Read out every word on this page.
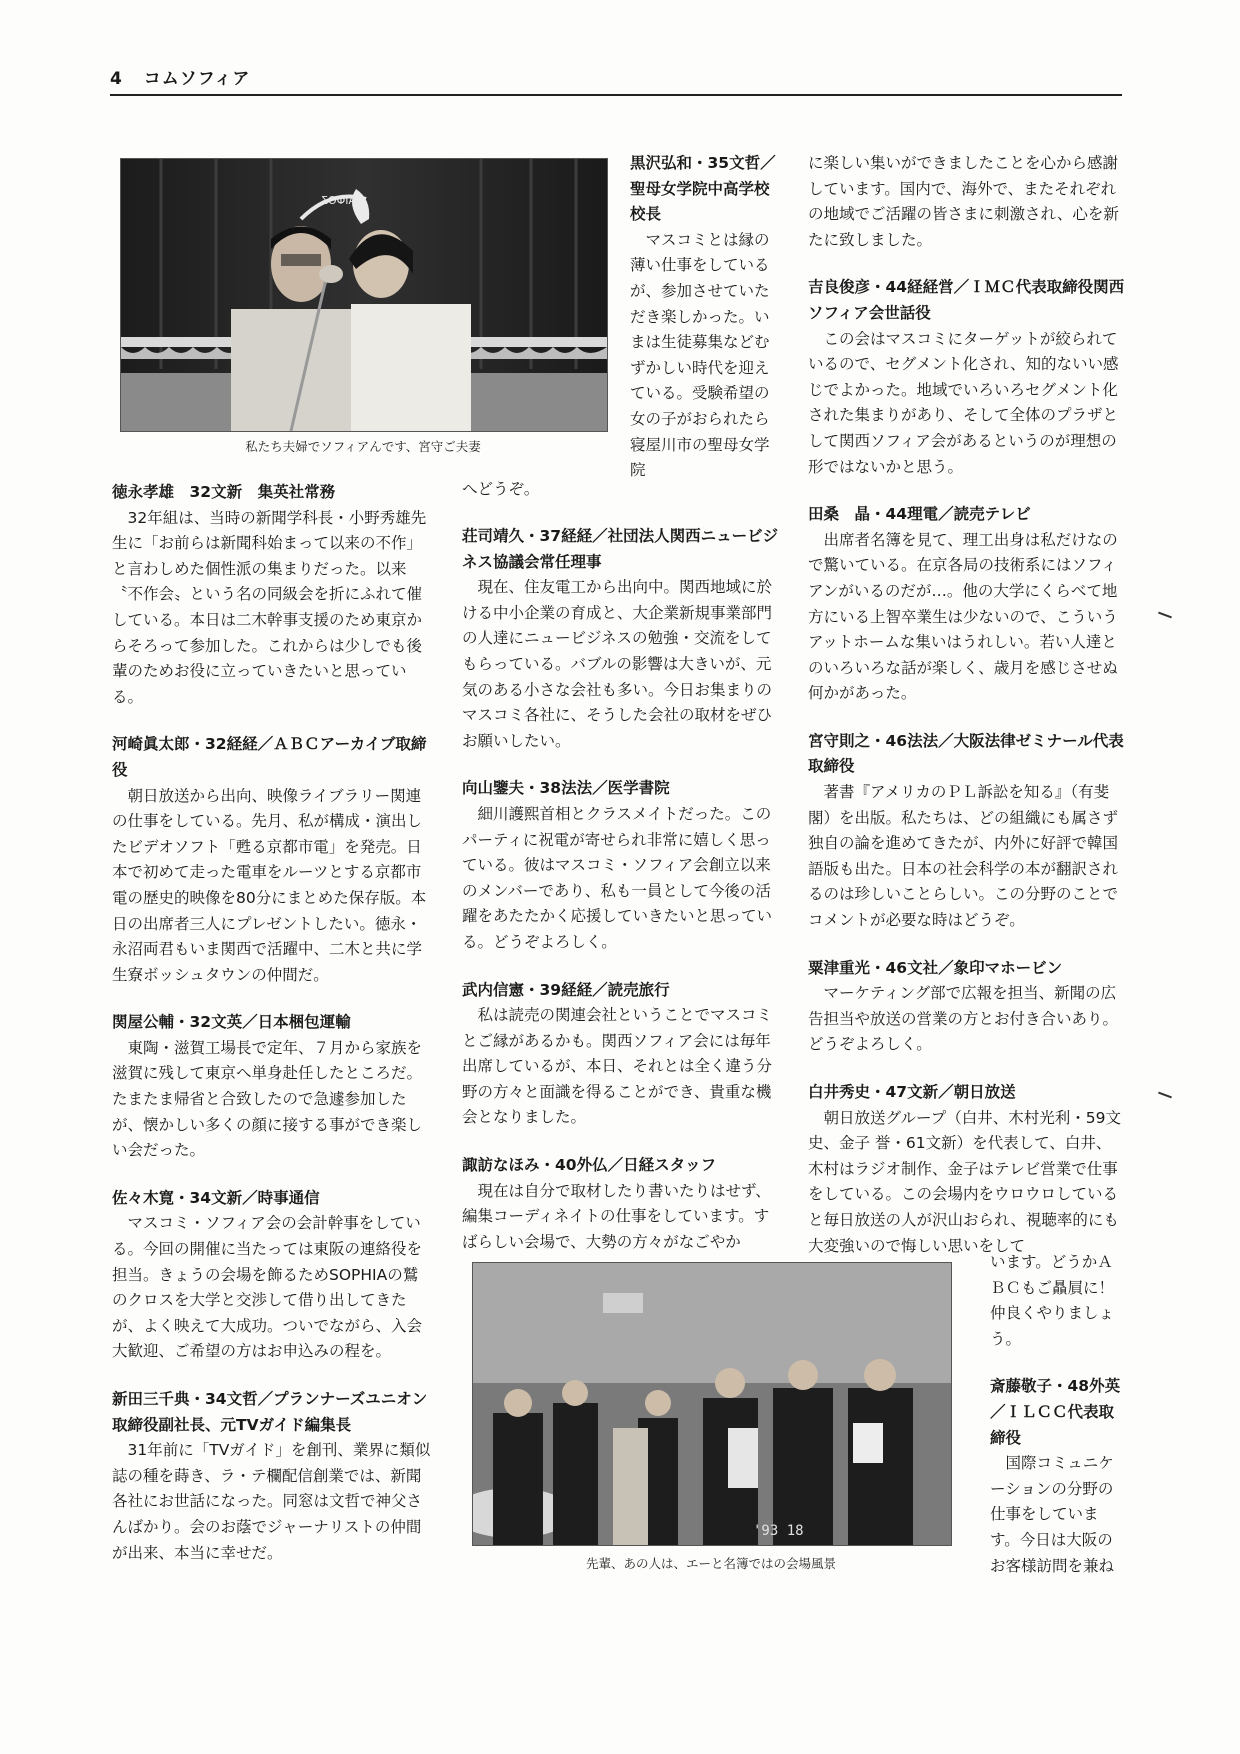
4 コムソフィア
ΣΟΦΙΑ
私たち夫婦でソフィアんです、宮守ご夫妻
徳永孝雄　32文新　集英社常務
32年組は、当時の新聞学科長・小野秀雄先生に「お前らは新聞科始まって以来の不作」と言わしめた個性派の集まりだった。以来〝不作会〟という名の同級会を折にふれて催している。本日は二木幹事支援のため東京からそろって参加した。これからは少しでも後輩のためお役に立っていきたいと思っている。
河崎眞太郎・32経経／ＡＢＣアーカイブ取締役
朝日放送から出向、映像ライブラリー関連の仕事をしている。先月、私が構成・演出したビデオソフト「甦る京都市電」を発売。日本で初めて走った電車をルーツとする京都市電の歴史的映像を80分にまとめた保存版。本日の出席者三人にプレゼントしたい。徳永・永沼両君もいま関西で活躍中、二木と共に学生寮ボッシュタウンの仲間だ。
関屋公輔・32文英／日本梱包運輸
東陶・滋賀工場長で定年、７月から家族を滋賀に残して東京へ単身赴任したところだ。たまたま帰省と合致したので急遽参加したが、懐かしい多くの顔に接する事ができ楽しい会だった。
佐々木寛・34文新／時事通信
マスコミ・ソフィア会の会計幹事をしている。今回の開催に当たっては東阪の連絡役を担当。きょうの会場を飾るためSOPHIAの鷲のクロスを大学と交渉して借り出してきたが、よく映えて大成功。ついでながら、入会大歓迎、ご希望の方はお申込みの程を。
新田三千典・34文哲／プランナーズユニオン取締役副社長、元TVガイド編集長
31年前に「TVガイド」を創刊、業界に類似誌の種を蒔き、ラ・テ欄配信創業では、新聞各社にお世話になった。同窓は文哲で神父さんばかり。会のお蔭でジャーナリストの仲間が出来、本当に幸せだ。
黒沢弘和・35文哲／聖母女学院中高学校 校長
マスコミとは縁の薄い仕事をしているが、参加させていただき楽しかった。いまは生徒募集などむずかしい時代を迎えている。受験希望の女の子がおられたら寝屋川市の聖母女学院
へどうぞ。
荘司靖久・37経経／社団法人関西ニュービジネス協議会常任理事
現在、住友電工から出向中。関西地域に於ける中小企業の育成と、大企業新規事業部門の人達にニュービジネスの勉強・交流をしてもらっている。バブルの影響は大きいが、元気のある小さな会社も多い。今日お集まりのマスコミ各社に、そうした会社の取材をぜひお願いしたい。
向山鑒夫・38法法／医学書院
細川護熙首相とクラスメイトだった。このパーティに祝電が寄せられ非常に嬉しく思っている。彼はマスコミ・ソフィア会創立以来のメンバーであり、私も一員として今後の活躍をあたたかく応援していきたいと思っている。どうぞよろしく。
武内信憲・39経経／読売旅行
私は読売の関連会社ということでマスコミとご縁があるかも。関西ソフィア会には毎年出席しているが、本日、それとは全く違う分野の方々と面識を得ることができ、貴重な機会となりました。
諏訪なほみ・40外仏／日経スタッフ
現在は自分で取材したり書いたりはせず、編集コーディネイトの仕事をしています。すばらしい会場で、大勢の方々がなごやか
に楽しい集いができましたことを心から感謝しています。国内で、海外で、またそれぞれの地域でご活躍の皆さまに刺激され、心を新たに致しました。
吉良俊彦・44経経営／ＩＭＣ代表取締役関西ソフィア会世話役
この会はマスコミにターゲットが絞られているので、セグメント化され、知的ないい感じでよかった。地域でいろいろセグメント化された集まりがあり、そして全体のプラザとして関西ソフィア会があるというのが理想の形ではないかと思う。
田桑　晶・44理電／読売テレビ
出席者名簿を見て、理工出身は私だけなので驚いている。在京各局の技術系にはソフィアンがいるのだが…。他の大学にくらべて地方にいる上智卒業生は少ないので、こういうアットホームな集いはうれしい。若い人達とのいろいろな話が楽しく、歳月を感じさせぬ何かがあった。
宮守則之・46法法／大阪法律ゼミナール代表取締役
著書『アメリカのＰＬ訴訟を知る』（有斐閣）を出版。私たちは、どの組織にも属さず独自の論を進めてきたが、内外に好評で韓国語版も出た。日本の社会科学の本が翻訳されるのは珍しいことらしい。この分野のことでコメントが必要な時はどうぞ。
粟津重光・46文社／象印マホービン
マーケティング部で広報を担当、新聞の広告担当や放送の営業の方とお付き合いあり。どうぞよろしく。
白井秀史・47文新／朝日放送
朝日放送グループ（白井、木村光利・59文史、金子 誉・61文新）を代表して、白井、木村はラジオ制作、金子はテレビ営業で仕事をしている。この会場内をウロウロしていると毎日放送の人が沢山おられ、視聴率的にも大変強いので悔しい思いをして
います。どうかＡＢＣもご贔屓に！　仲良くやりましょう。
斎藤敬子・48外英／ＩＬＣＣ代表取締役
国際コミュニケーションの分野の仕事をしています。今日は大阪のお客様訪問を兼ね
'93 18
先輩、あの人は、エーと名簿ではの会場風景
